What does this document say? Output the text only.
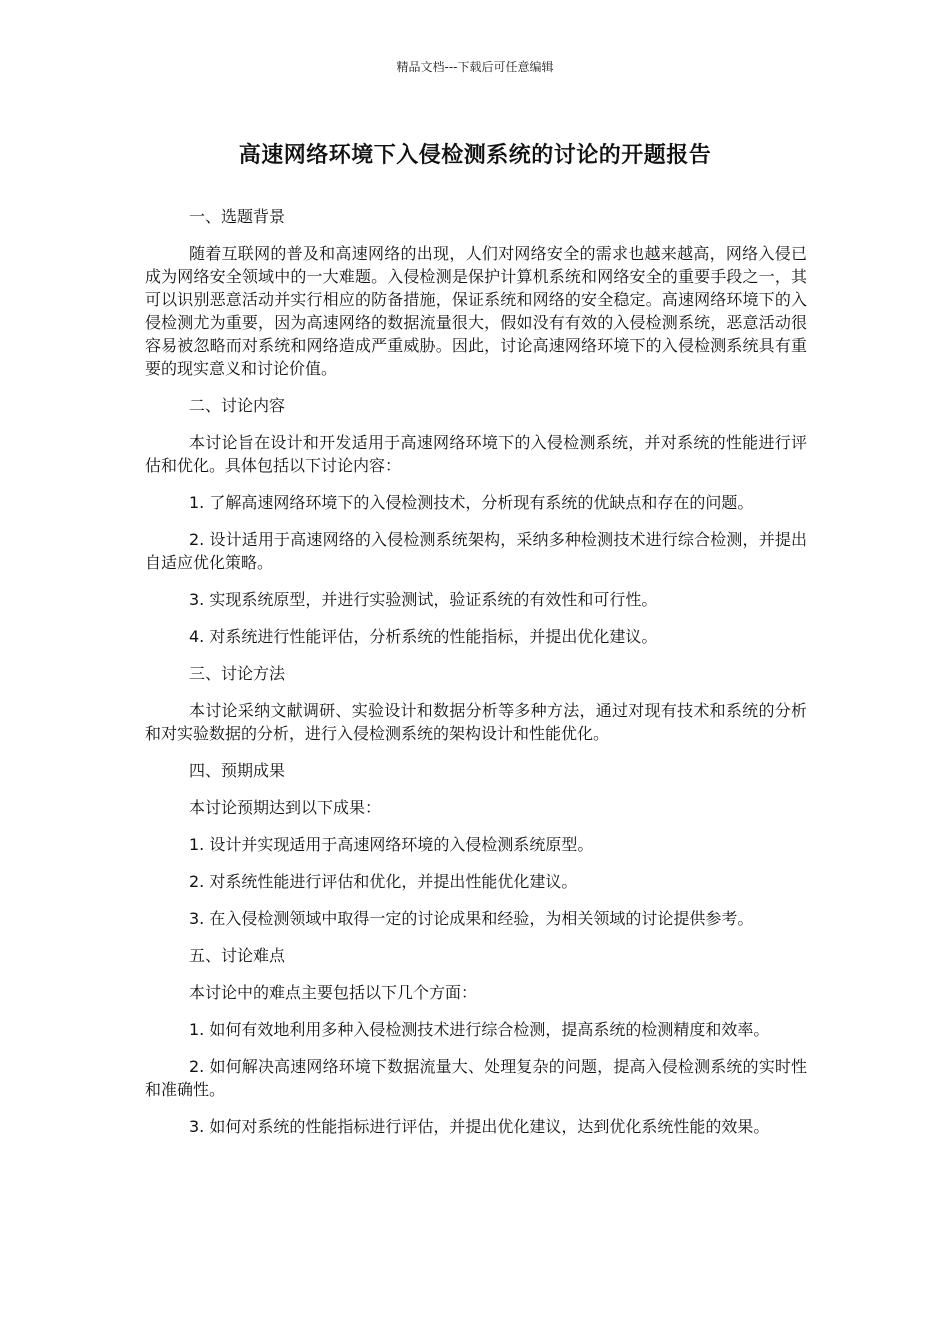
精品文档---下载后可任意编辑
高速网络环境下入侵检测系统的讨论的开题报告

一、选题背景

随着互联网的普及和高速网络的出现，人们对网络安全的需求也越来越高，网络入侵已成为网络安全领域中的一大难题。入侵检测是保护计算机系统和网络安全的重要手段之一，其可以识别恶意活动并实行相应的防备措施，保证系统和网络的安全稳定。高速网络环境下的入侵检测尤为重要，因为高速网络的数据流量很大，假如没有有效的入侵检测系统，恶意活动很容易被忽略而对系统和网络造成严重威胁。因此，讨论高速网络环境下的入侵检测系统具有重要的现实意义和讨论价值。

二、讨论内容

本讨论旨在设计和开发适用于高速网络环境下的入侵检测系统，并对系统的性能进行评估和优化。具体包括以下讨论内容：

1. 了解高速网络环境下的入侵检测技术，分析现有系统的优缺点和存在的问题。

2. 设计适用于高速网络的入侵检测系统架构，采纳多种检测技术进行综合检测，并提出自适应优化策略。

3. 实现系统原型，并进行实验测试，验证系统的有效性和可行性。

4. 对系统进行性能评估，分析系统的性能指标，并提出优化建议。

三、讨论方法

本讨论采纳文献调研、实验设计和数据分析等多种方法，通过对现有技术和系统的分析和对实验数据的分析，进行入侵检测系统的架构设计和性能优化。

四、预期成果

本讨论预期达到以下成果：

1. 设计并实现适用于高速网络环境的入侵检测系统原型。

2. 对系统性能进行评估和优化，并提出性能优化建议。

3. 在入侵检测领域中取得一定的讨论成果和经验，为相关领域的讨论提供参考。

五、讨论难点

本讨论中的难点主要包括以下几个方面：

1. 如何有效地利用多种入侵检测技术进行综合检测，提高系统的检测精度和效率。

2. 如何解决高速网络环境下数据流量大、处理复杂的问题，提高入侵检测系统的实时性和准确性。

3. 如何对系统的性能指标进行评估，并提出优化建议，达到优化系统性能的效果。
